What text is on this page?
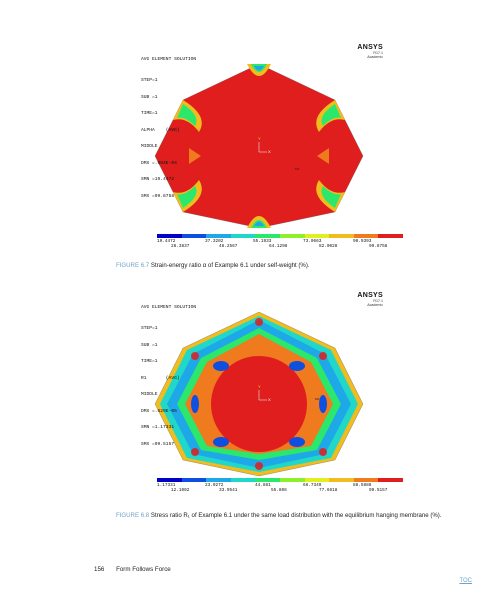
Y
X
MX
ANSYS
R17.1
Academic
AVG ELEMENT SOLUTION

STEP=1

SUB =1

TIME=1

ALPHA    (AVG)

MIDDLE

DMX =.904E-04

SMN =19.4472

SMX =99.8758

19.4472	37.3202	55.1933	73.0663	90.9393
28.3837	46.2567	64.1298	82.0028	99.8758
FIGURE 6.7 Strain-energy ratio α of Example 6.1 under self-weight (%).
Y
X	MX
ANSYS
R17.1
Academic
AVG ELEMENT SOLUTION

STEP=1

SUB =1

TIME=1

R1       (AVG)

MIDDLE

DMX =.629E-05

SMN =1.17331

SMX =99.5157

1.17331	23.0272	44.881	66.7349	88.5888
12.1002	33.9541	55.808	77.6618	99.5157
FIGURE 6.8 Stress ratio R₁ of Example 6.1 under the same load distribution with the equilibrium hanging membrane (%).
156 Form Follows Force
TOC
